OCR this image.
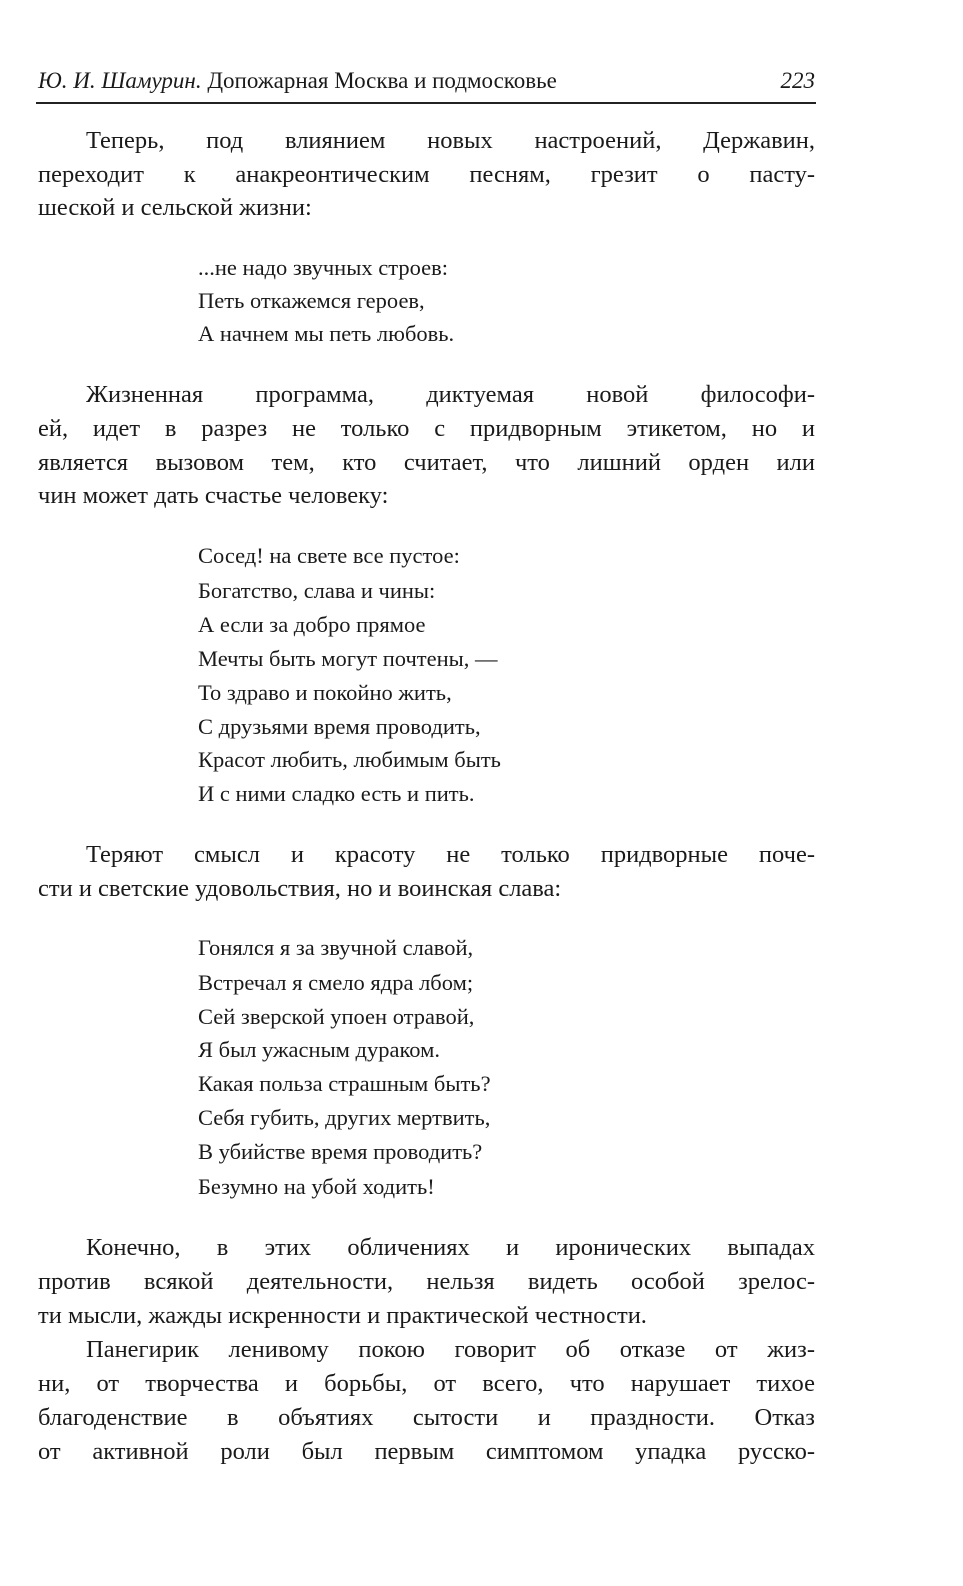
Ю. И. Шамурин. Допожарная Москва и подмосковье	223
Теперь, под влиянием новых настроений, Державин,
переходит к анакреонтическим песням, грезит о пасту-
шеской и сельской жизни:
...не надо звучных строев:
Петь откажемся героев,
А начнем мы петь любовь.
Жизненная программа, диктуемая новой философи-
ей, идет в разрез не только с придворным этикетом, но и
является вызовом тем, кто считает, что лишний орден или
чин может дать счастье человеку:
Сосед! на свете все пустое:
Богатство, слава и чины:
А если за добро прямое
Мечты быть могут почтены, —
То здраво и покойно жить,
С друзьями время проводить,
Красот любить, любимым быть
И с ними сладко есть и пить.
Теряют смысл и красоту не только придворные поче-
сти и светские удовольствия, но и воинская слава:
Гонялся я за звучной славой,
Встречал я смело ядра лбом;
Сей зверской упоен отравой,
Я был ужасным дураком.
Какая польза страшным быть?
Себя губить, других мертвить,
В убийстве время проводить?
Безумно на убой ходить!
Конечно, в этих обличениях и иронических выпадах
против всякой деятельности, нельзя видеть особой зрелос-
ти мысли, жажды искренности и практической честности.
Панегирик ленивому покою говорит об отказе от жиз-
ни, от творчества и борьбы, от всего, что нарушает тихое
благоденствие в объятиях сытости и праздности. Отказ
от активной роли был первым симптомом упадка русско-
